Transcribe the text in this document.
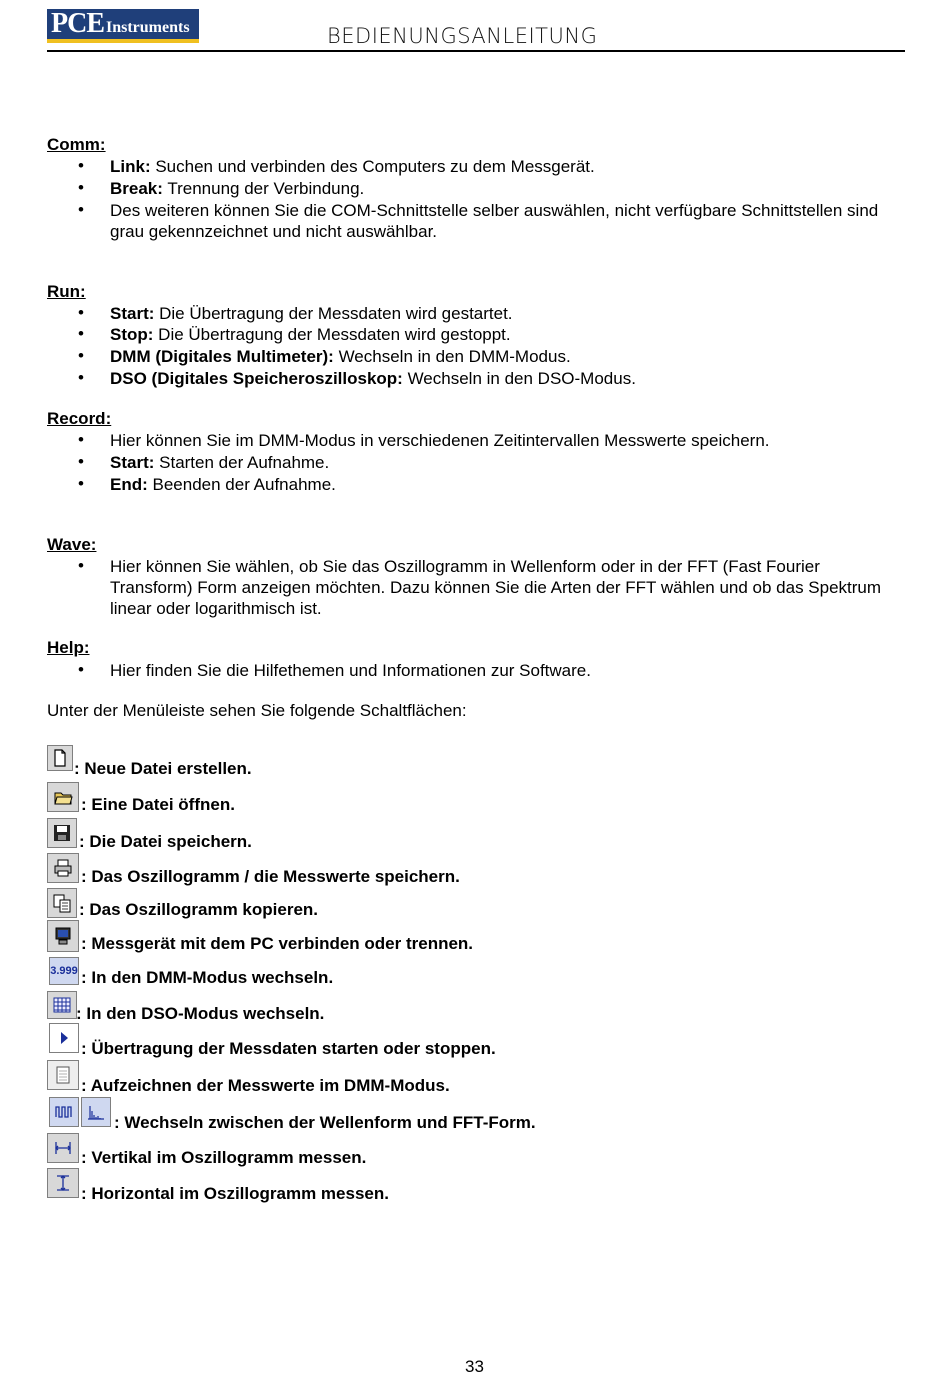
PCE Instruments	BEDIENUNGSANLEITUNG
Comm:
• Link: Suchen und verbinden des Computers zu dem Messgerät.
• Break: Trennung der Verbindung.
• Des weiteren können Sie die COM-Schnittstelle selber auswählen, nicht verfügbare Schnittstellen sind grau gekennzeichnet und nicht auswählbar.
Run:
• Start: Die Übertragung der Messdaten wird gestartet.
• Stop: Die Übertragung der Messdaten wird gestoppt.
• DMM (Digitales Multimeter): Wechseln in den DMM-Modus.
• DSO (Digitales Speicheroszilloskop: Wechseln in den DSO-Modus.
Record:
• Hier können Sie im DMM-Modus in verschiedenen Zeitintervallen Messwerte speichern.
• Start: Starten der Aufnahme.
• End: Beenden der Aufnahme.
Wave:
• Hier können Sie wählen, ob Sie das Oszillogramm in Wellenform oder in der FFT (Fast Fourier Transform) Form anzeigen möchten. Dazu können Sie die Arten der FFT wählen und ob das Spektrum linear oder logarithmisch ist.
Help:
• Hier finden Sie die Hilfethemen und Informationen zur Software.
Unter der Menüleiste sehen Sie folgende Schaltflächen:
: Neue Datei erstellen.
: Eine Datei öffnen.
: Die Datei speichern.
: Das Oszillogramm / die Messwerte speichern.
: Das Oszillogramm kopieren.
: Messgerät mit dem PC verbinden oder trennen.
3.999 : In den DMM-Modus wechseln.
: In den DSO-Modus wechseln.
: Übertragung der Messdaten starten oder stoppen.
: Aufzeichnen der Messwerte im DMM-Modus.
: Wechseln zwischen der Wellenform und FFT-Form.
: Vertikal im Oszillogramm messen.
: Horizontal im Oszillogramm messen.
33
